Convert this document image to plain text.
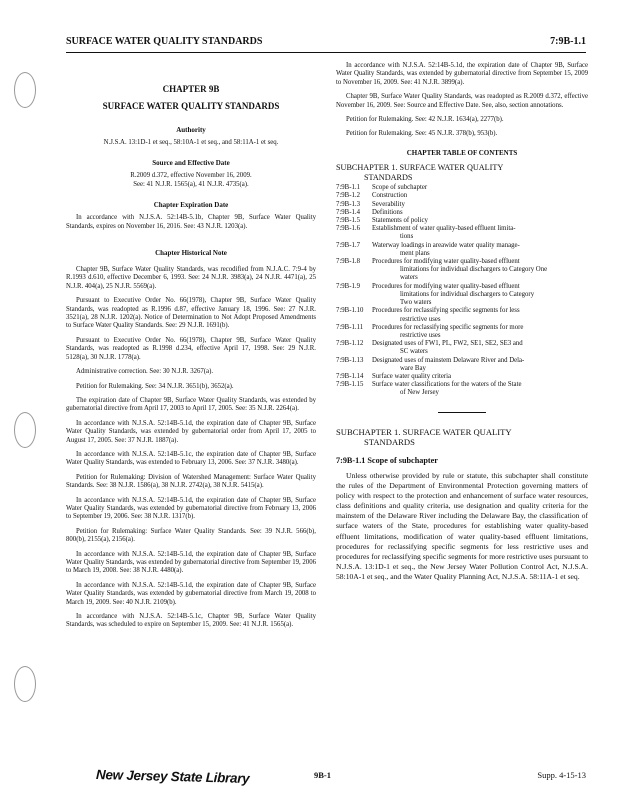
SURFACE WATER QUALITY STANDARDS	7:9B-1.1
CHAPTER 9B
SURFACE WATER QUALITY STANDARDS
Authority

N.J.S.A. 13:1D-1 et seq., 58:10A-1 et seq., and 58:11A-1 et seq.

Source and Effective Date

R.2009 d.372, effective November 16, 2009.

See: 41 N.J.R. 1565(a), 41 N.J.R. 4735(a).

Chapter Expiration Date

In accordance with N.J.S.A. 52:14B-5.1b, Chapter 9B, Surface Water Quality Standards, expires on November 16, 2016. See: 43 N.J.R. 1203(a).

Chapter Historical Note

Chapter 9B, Surface Water Quality Standards, was recodified from N.J.A.C. 7:9-4 by R.1993 d.610, effective December 6, 1993. See: 24 N.J.R. 3983(a), 24 N.J.R. 4471(a), 25 N.J.R. 404(a), 25 N.J.R. 5569(a).

Pursuant to Executive Order No. 66(1978), Chapter 9B, Surface Water Quality Standards, was readopted as R.1996 d.87, effective January 18, 1996. See: 27 N.J.R. 3521(a), 28 N.J.R. 1202(a). Notice of Determination to Not Adopt Proposed Amendments to Surface Water Quality Standards. See: 29 N.J.R. 1691(b).

Pursuant to Executive Order No. 66(1978), Chapter 9B, Surface Water Quality Standards, was readopted as R.1998 d.234, effective April 17, 1998. See: 29 N.J.R. 5128(a), 30 N.J.R. 1778(a).

Administrative correction. See: 30 N.J.R. 3267(a).

Petition for Rulemaking. See: 34 N.J.R. 3651(b), 3652(a).

The expiration date of Chapter 9B, Surface Water Quality Standards, was extended by gubernatorial directive from April 17, 2003 to April 17, 2005. See: 35 N.J.R. 2264(a).

In accordance with N.J.S.A. 52:14B-5.1d, the expiration date of Chapter 9B, Surface Water Quality Standards, was extended by gubernatorial order from April 17, 2005 to August 17, 2005. See: 37 N.J.R. 1887(a).

In accordance with N.J.S.A. 52:14B-5.1c, the expiration date of Chapter 9B, Surface Water Quality Standards, was extended to February 13, 2006. See: 37 N.J.R. 3480(a).

Petition for Rulemaking: Division of Watershed Management: Surface Water Quality Standards. See: 38 N.J.R. 1586(a), 38 N.J.R. 2742(a), 38 N.J.R. 5415(a).

In accordance with N.J.S.A. 52:14B-5.1d, the expiration date of Chapter 9B, Surface Water Quality Standards, was extended by gubernatorial directive from February 13, 2006 to September 19, 2006. See: 38 N.J.R. 1317(b).

Petition for Rulemaking: Surface Water Quality Standards. See: 39 N.J.R. 566(b), 800(b), 2155(a), 2156(a).

In accordance with N.J.S.A. 52:14B-5.1d, the expiration date of Chapter 9B, Surface Water Quality Standards, was extended by gubernatorial directive from September 19, 2006 to March 19, 2008. See: 38 N.J.R. 4480(a).

In accordance with N.J.S.A. 52:14B-5.1d, the expiration date of Chapter 9B, Surface Water Quality Standards, was extended by gubernatorial directive from March 19, 2008 to March 19, 2009. See: 40 N.J.R. 2109(b).

In accordance with N.J.S.A. 52:14B-5.1c, Chapter 9B, Surface Water Quality Standards, was scheduled to expire on September 15, 2009. See: 41 N.J.R. 1565(a).

In accordance with N.J.S.A. 52:14B-5.1d, the expiration date of Chapter 9B, Surface Water Quality Standards, was extended by gubernatorial directive from September 15, 2009 to November 16, 2009. See: 41 N.J.R. 3899(a).

Chapter 9B, Surface Water Quality Standards, was readopted as R.2009 d.372, effective November 16, 2009. See: Source and Effective Date. See, also, section annotations.

Petition for Rulemaking. See: 42 N.J.R. 1634(a), 2277(b).

Petition for Rulemaking. See: 45 N.J.R. 378(b), 953(b).

CHAPTER TABLE OF CONTENTS
SUBCHAPTER 1. SURFACE WATER QUALITY
STANDARDS
7:9B-1.1	Scope of subchapter
7:9B-1.2	Construction
7:9B-1.3	Severability
7:9B-1.4	Definitions
7:9B-1.5	Statements of policy
7:9B-1.6	Establishment of water quality-based effluent limita-
tions
7:9B-1.7	Waterway loadings in areawide water quality manage-
ment plans
7:9B-1.8	Procedures for modifying water quality-based effluent
limitations for individual dischargers to Category One
waters
7:9B-1.9	Procedures for modifying water quality-based effluent
limitations for individual dischargers to Category
Two waters
7:9B-1.10	Procedures for reclassifying specific segments for less
restrictive uses
7:9B-1.11	Procedures for reclassifying specific segments for more
restrictive uses
7:9B-1.12	Designated uses of FW1, PL, FW2, SE1, SE2, SE3 and
SC waters
7:9B-1.13	Designated uses of mainstem Delaware River and Dela-
ware Bay
7:9B-1.14	Surface water quality criteria
7:9B-1.15	Surface water classifications for the waters of the State
of New Jersey
SUBCHAPTER 1. SURFACE WATER QUALITY
STANDARDS
7:9B-1.1 Scope of subchapter
Unless otherwise provided by rule or statute, this subchapter shall constitute the rules of the Department of Environmental Protection governing matters of policy with respect to the protection and enhancement of surface water resources, class definitions and quality criteria, use designation and quality criteria for the mainstem of the Delaware River including the Delaware Bay, the classification of surface waters of the State, procedures for establishing water quality-based effluent limitations, modification of water quality-based effluent limitations, procedures for reclassifying specific segments for less restrictive uses and procedures for reclassifying specific segments for more restrictive uses pursuant to N.J.S.A. 13:1D-1 et seq., the New Jersey Water Pollution Control Act, N.J.S.A. 58:10A-1 et seq., and the Water Quality Planning Act, N.J.S.A. 58:11A-1 et seq.
New Jersey State Library	9B-1	Supp. 4-15-13
